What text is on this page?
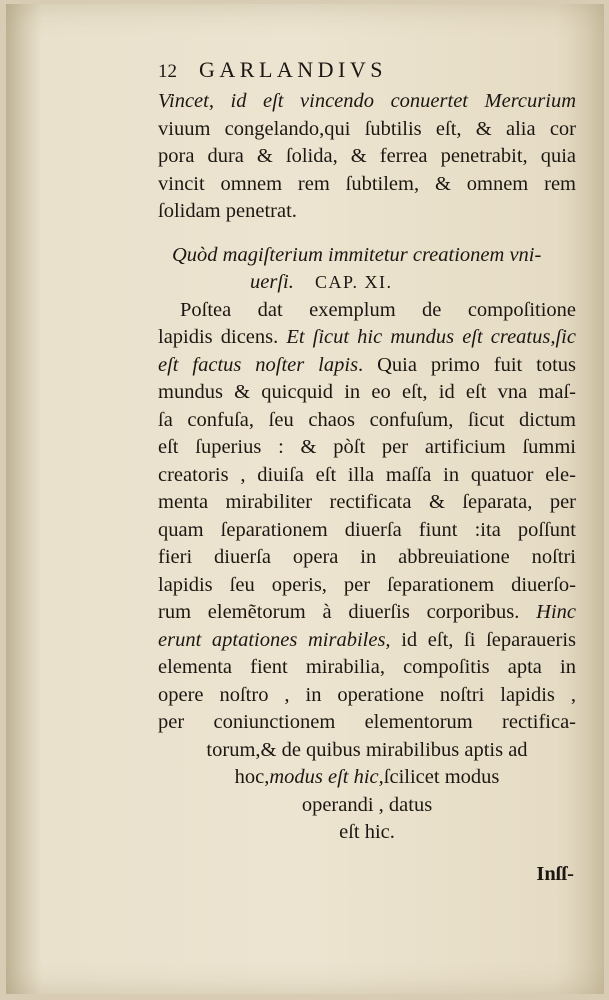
12 GARLANDIVS
Vincet, id eſt vincendo conuertet Mercurium
viuum congelando,qui ſubtilis eſt, & alia cor
pora dura & ſolida, & ferrea penetrabit, quia
vincit omnem rem ſubtilem, & omnem rem
ſolidam penetrat.
Quòd magiſterium immitetur creationem vni-
uerſi. CAP. XI.
Poſtea dat exemplum de compoſitione
lapidis dicens. Et ſicut hic mundus eſt creatus,ſic
eſt factus noſter lapis. Quia primo fuit totus
mundus & quicquid in eo eſt, id eſt vna maſ-
ſa confuſa, ſeu chaos confuſum, ſicut dictum
eſt ſuperius : & pòſt per artificium ſummi
creatoris , diuiſa eſt illa maſſa in quatuor ele-
menta mirabiliter rectificata & ſeparata, per
quam ſeparationem diuerſa fiunt :ita poſſunt
fieri diuerſa opera in abbreuiatione noſtri
lapidis ſeu operis, per ſeparationem diuerſo-
rum elemẽtorum à diuerſis corporibus. Hinc
erunt aptationes mirabiles, id eſt, ſi ſeparaueris
elementa fient mirabilia, compoſitis apta in
opere noſtro , in operatione noſtri lapidis ,
per coniunctionem elementorum rectifica-
torum,& de quibus mirabilibus aptis ad
hoc,modus eſt hic,ſcilicet modus
operandi , datus
eſt hic.
Inſſ-
